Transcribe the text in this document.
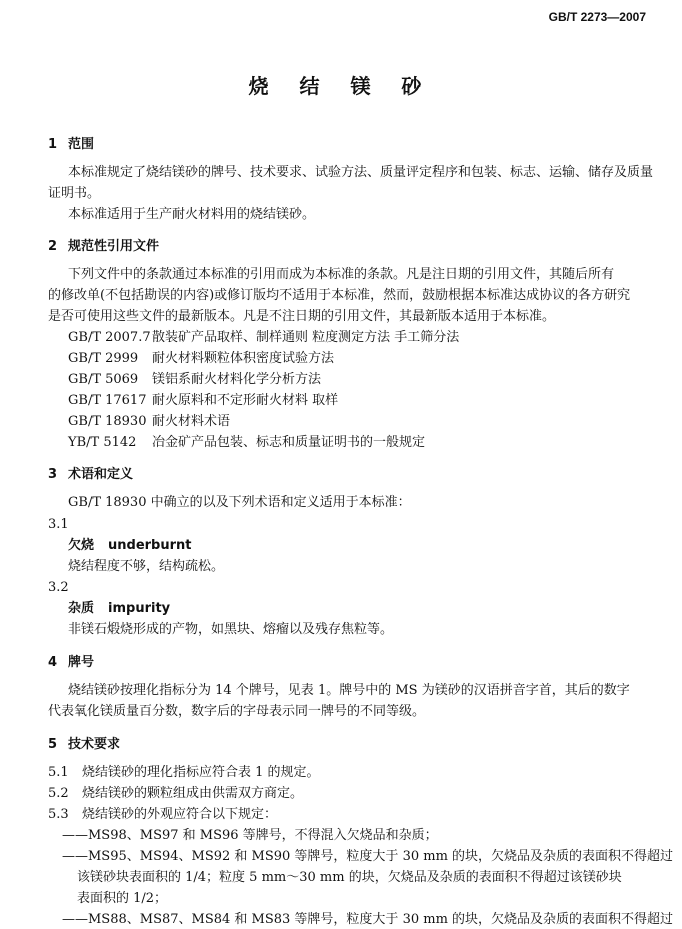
GB/T 2273—2007
烧 结 镁 砂
1 范围
本标准规定了烧结镁砂的牌号、技术要求、试验方法、质量评定程序和包装、标志、运输、储存及质量
证明书。
本标准适用于生产耐火材料用的烧结镁砂。
2 规范性引用文件
下列文件中的条款通过本标准的引用而成为本标准的条款。凡是注日期的引用文件，其随后所有
的修改单(不包括勘误的内容)或修订版均不适用于本标准，然而，鼓励根据本标准达成协议的各方研究
是否可使用这些文件的最新版本。凡是不注日期的引用文件，其最新版本适用于本标准。
GB/T 2007.7散装矿产品取样、制样通则 粒度测定方法 手工筛分法
GB/T 2999 耐火材料颗粒体积密度试验方法
GB/T 5069 镁铝系耐火材料化学分析方法
GB/T 17617 耐火原料和不定形耐火材料 取样
GB/T 18930 耐火材料术语
YB/T 5142 冶金矿产品包装、标志和质量证明书的一般规定
3 术语和定义
GB/T 18930 中确立的以及下列术语和定义适用于本标准：
3.1
欠烧 underburnt
烧结程度不够，结构疏松。
3.2
杂质 impurity
非镁石煅烧形成的产物，如黑块、熔瘤以及残存焦粒等。
4 牌号
烧结镁砂按理化指标分为 14 个牌号，见表 1。牌号中的 MS 为镁砂的汉语拼音字首，其后的数字
代表氧化镁质量百分数，数字后的字母表示同一牌号的不同等级。
5 技术要求
5.1 烧结镁砂的理化指标应符合表 1 的规定。
5.2 烧结镁砂的颗粒组成由供需双方商定。
5.3 烧结镁砂的外观应符合以下规定：
——MS98、MS97 和 MS96 等牌号，不得混入欠烧品和杂质；
——MS95、MS94、MS92 和 MS90 等牌号，粒度大于 30 mm 的块，欠烧品及杂质的表面积不得超过
该镁砂块表面积的 1/4；粒度 5 mm～30 mm 的块，欠烧品及杂质的表面积不得超过该镁砂块
表面积的 1/2；
——MS88、MS87、MS84 和 MS83 等牌号，粒度大于 30 mm 的块，欠烧品及杂质的表面积不得超过
